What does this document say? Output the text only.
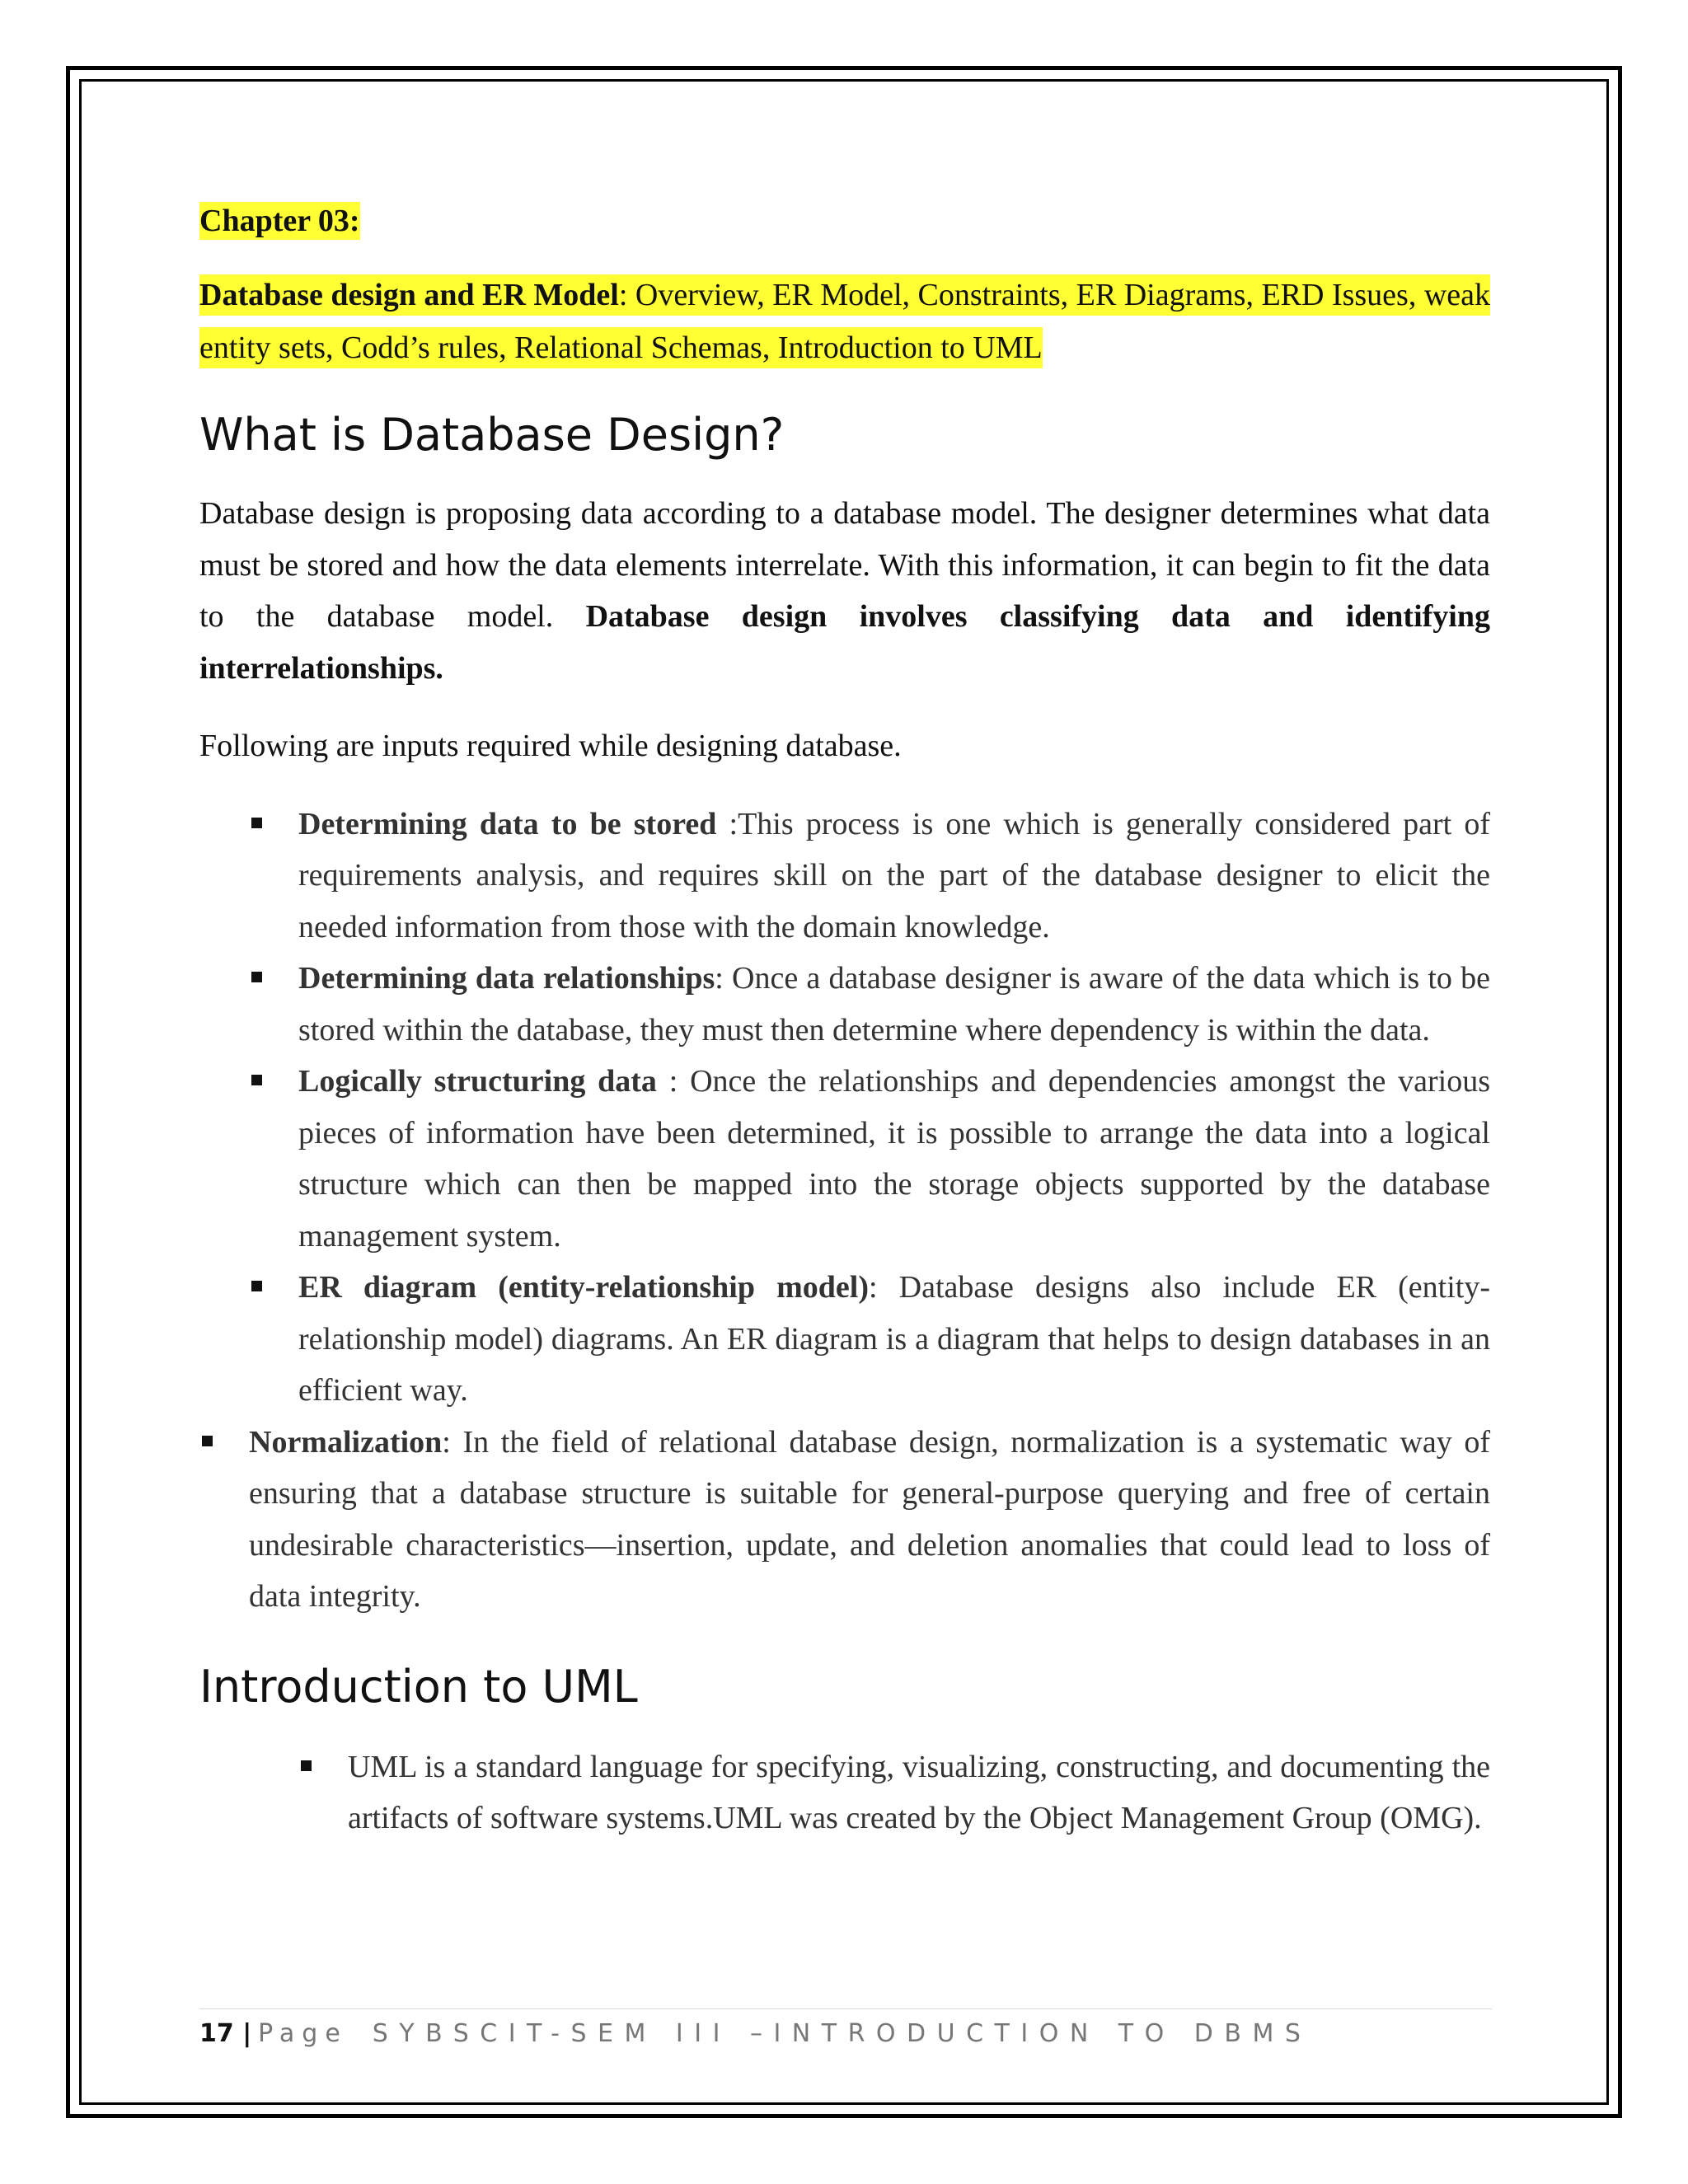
Chapter 03:

Database design and ER Model: Overview, ER Model, Constraints, ER Diagrams, ERD Issues, weak entity sets, Codd’s rules, Relational Schemas, Introduction to UML

What is Database Design?

Database design is proposing data according to a database model. The designer determines what data must be stored and how the data elements interrelate. With this information, it can begin to fit the data to the database model. Database design involves classifying data and identifying interrelationships.

Following are inputs required while designing database.

Determining data to be stored :This process is one which is generally considered part of requirements analysis, and requires skill on the part of the database designer to elicit the needed information from those with the domain knowledge.
Determining data relationships: Once a database designer is aware of the data which is to be stored within the database, they must then determine where dependency is within the data.
Logically structuring data : Once the relationships and dependencies amongst the various pieces of information have been determined, it is possible to arrange the data into a logical structure which can then be mapped into the storage objects supported by the database management system.
ER diagram (entity-relationship model): Database designs also include ER (entity-relationship model) diagrams. An ER diagram is a diagram that helps to design databases in an efficient way.
Normalization: In the field of relational database design, normalization is a systematic way of ensuring that a database structure is suitable for general-purpose querying and free of certain undesirable characteristics—insertion, update, and deletion anomalies that could lead to loss of data integrity.
Introduction to UML
UML is a standard language for specifying, visualizing, constructing, and documenting the artifacts of software systems.UML was created by the Object Management Group (OMG).
17 | Page SYBSCIT-SEM III –INTRODUCTION TO DBMS
